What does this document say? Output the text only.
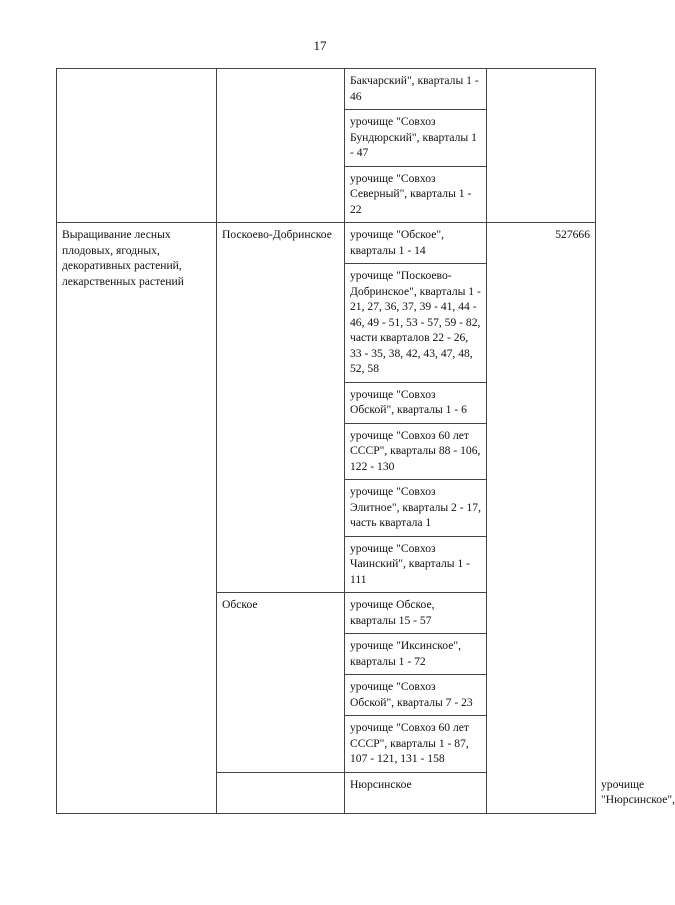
17
		Бакчарский", кварталы 1 - 46		
		урочище "Совхоз Бундюрский", кварталы 1 - 47		
		урочище "Совхоз Северный", кварталы 1 - 22		
Выращивание лесных плодовых, ягодных, декоративных растений, лекарственных растений	Поскоево-Добринское	урочище "Обское", кварталы 1 - 14	527666	
		урочище "Поскоево-Добринское", кварталы 1 - 21, 27, 36, 37, 39 - 41, 44 - 46, 49 - 51, 53 - 57, 59 - 82, части кварталов 22 - 26, 33 - 35, 38, 42, 43, 47, 48, 52, 58		
		урочище "Совхоз Обской", кварталы 1 - 6		
		урочище "Совхоз 60 лет СССР", кварталы 88 - 106, 122 - 130		
		урочище "Совхоз Элитное", кварталы 2 - 17, часть квартала 1		
		урочище "Совхоз Чаинский", кварталы 1 - 111		
	Обское	урочище Обское, кварталы 15 - 57		
		урочище "Иксинское", кварталы 1 - 72		
		урочище "Совхоз Обской", кварталы 7 - 23		
		урочище "Совхоз 60 лет СССР", кварталы 1 - 87, 107 - 121, 131 - 158		
		Нюрсинское		урочище "Нюрсинское",	
